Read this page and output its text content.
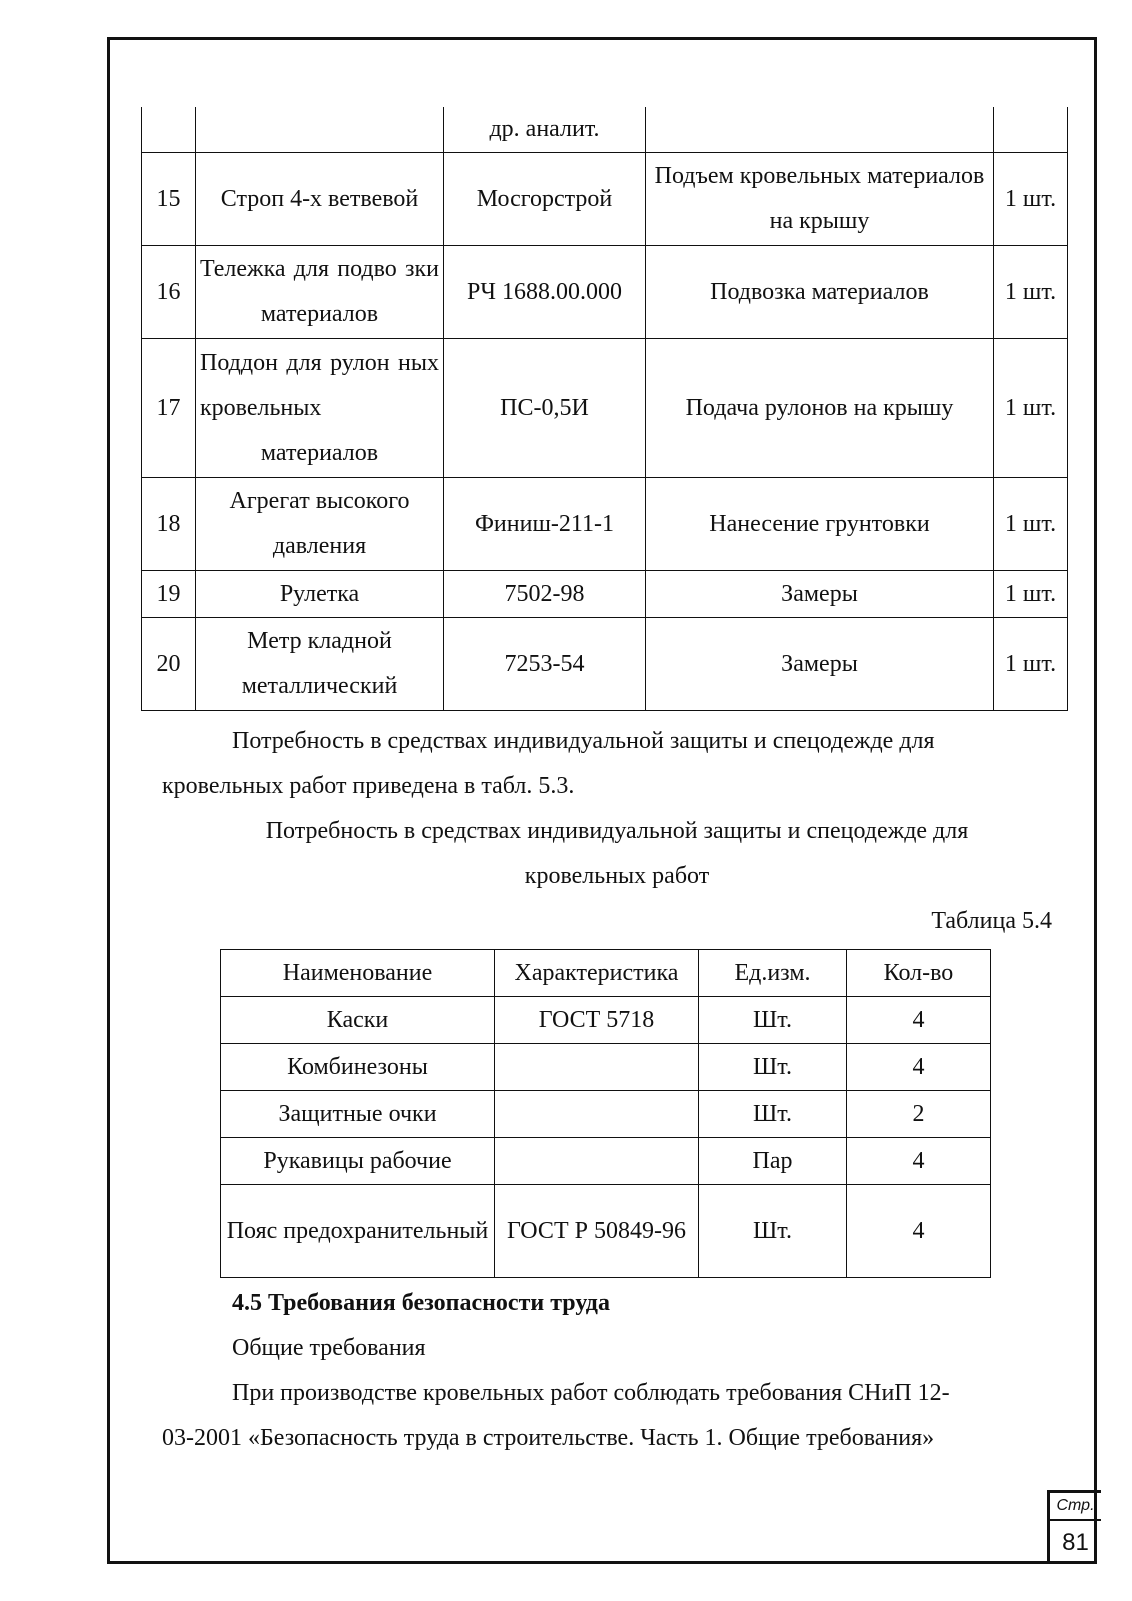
		др. аналит.		
15	Строп 4-х ветвевой	Мосгорстрой	Подъем кровельных материалов    на крышу	1 шт.
16	Тележка для подво зки материалов	РЧ 1688.00.000	Подвозка материалов	1 шт.
17	Поддон для рулон ных кровельных материалов	ПС-0,5И	Подача рулонов на крышу	1 шт.
18	Агрегат высокого давления	Финиш-211-1	Нанесение грунтовки	1 шт.
19	Рулетка	7502-98	Замеры	1 шт.
20	Метр кладной металлический	7253-54	Замеры	1 шт.
Потребность в средствах индивидуальной защиты и спецодежде для
кровельных работ приведена в табл. 5.3.
Потребность в средствах индивидуальной защиты и спецодежде для
кровельных работ
Таблица 5.4
Наименование	Характеристика	Ед.изм.	Кол-во
Каски	ГОСТ 5718	Шт.	4
Комбинезоны		Шт.	4
Защитные очки		Шт.	2
Рукавицы рабочие		Пар	4
Пояс предохранительный	ГОСТ Р 50849-96	Шт.	4
4.5 Требования безопасности труда
Общие требования
При производстве кровельных работ соблюдать требования СНиП 12-
03-2001 «Безопасность труда в строительстве. Часть 1. Общие требования»
Стр.
81
